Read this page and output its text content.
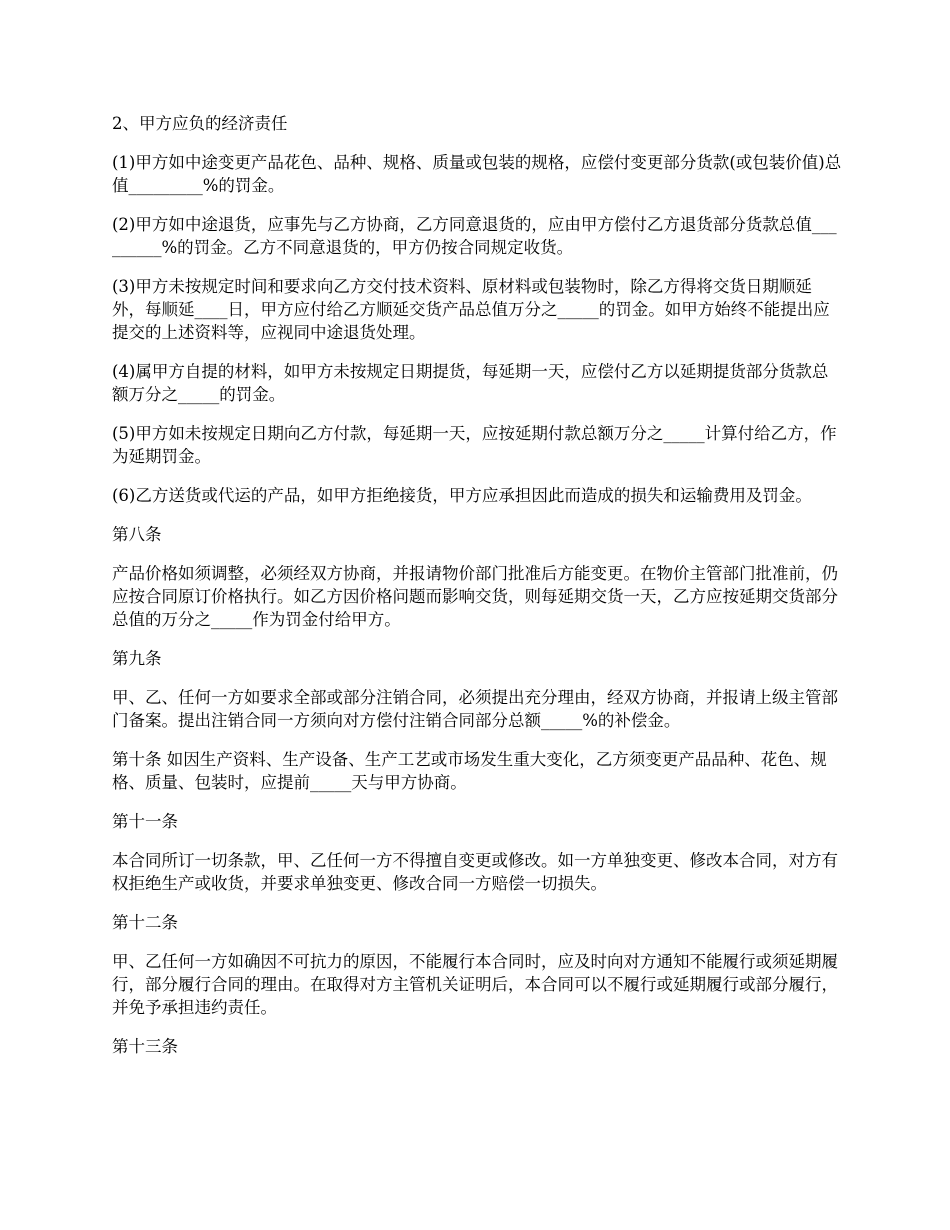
2、甲方应负的经济责任

(1)甲方如中途变更产品花色、品种、规格、质量或包装的规格，应偿付变更部分货款(或包装价值)总值_________%的罚金。

(2)甲方如中途退货，应事先与乙方协商，乙方同意退货的，应由甲方偿付乙方退货部分货款总值_________%的罚金。乙方不同意退货的，甲方仍按合同规定收货。

(3)甲方未按规定时间和要求向乙方交付技术资料、原材料或包装物时，除乙方得将交货日期顺延外，每顺延____日，甲方应付给乙方顺延交货产品总值万分之_____的罚金。如甲方始终不能提出应提交的上述资料等，应视同中途退货处理。

(4)属甲方自提的材料，如甲方未按规定日期提货，每延期一天，应偿付乙方以延期提货部分货款总额万分之_____的罚金。

(5)甲方如未按规定日期向乙方付款，每延期一天，应按延期付款总额万分之_____计算付给乙方，作为延期罚金。

(6)乙方送货或代运的产品，如甲方拒绝接货，甲方应承担因此而造成的损失和运输费用及罚金。

第八条

产品价格如须调整，必须经双方协商，并报请物价部门批准后方能变更。在物价主管部门批准前，仍应按合同原订价格执行。如乙方因价格问题而影响交货，则每延期交货一天，乙方应按延期交货部分总值的万分之_____作为罚金付给甲方。

第九条

甲、乙、任何一方如要求全部或部分注销合同，必须提出充分理由，经双方协商，并报请上级主管部门备案。提出注销合同一方须向对方偿付注销合同部分总额_____%的补偿金。

第十条 如因生产资料、生产设备、生产工艺或市场发生重大变化，乙方须变更产品品种、花色、规格、质量、包装时，应提前_____天与甲方协商。

第十一条

本合同所订一切条款，甲、乙任何一方不得擅自变更或修改。如一方单独变更、修改本合同，对方有权拒绝生产或收货，并要求单独变更、修改合同一方赔偿一切损失。

第十二条

甲、乙任何一方如确因不可抗力的原因，不能履行本合同时，应及时向对方通知不能履行或须延期履行，部分履行合同的理由。在取得对方主管机关证明后，本合同可以不履行或延期履行或部分履行，并免予承担违约责任。

第十三条
